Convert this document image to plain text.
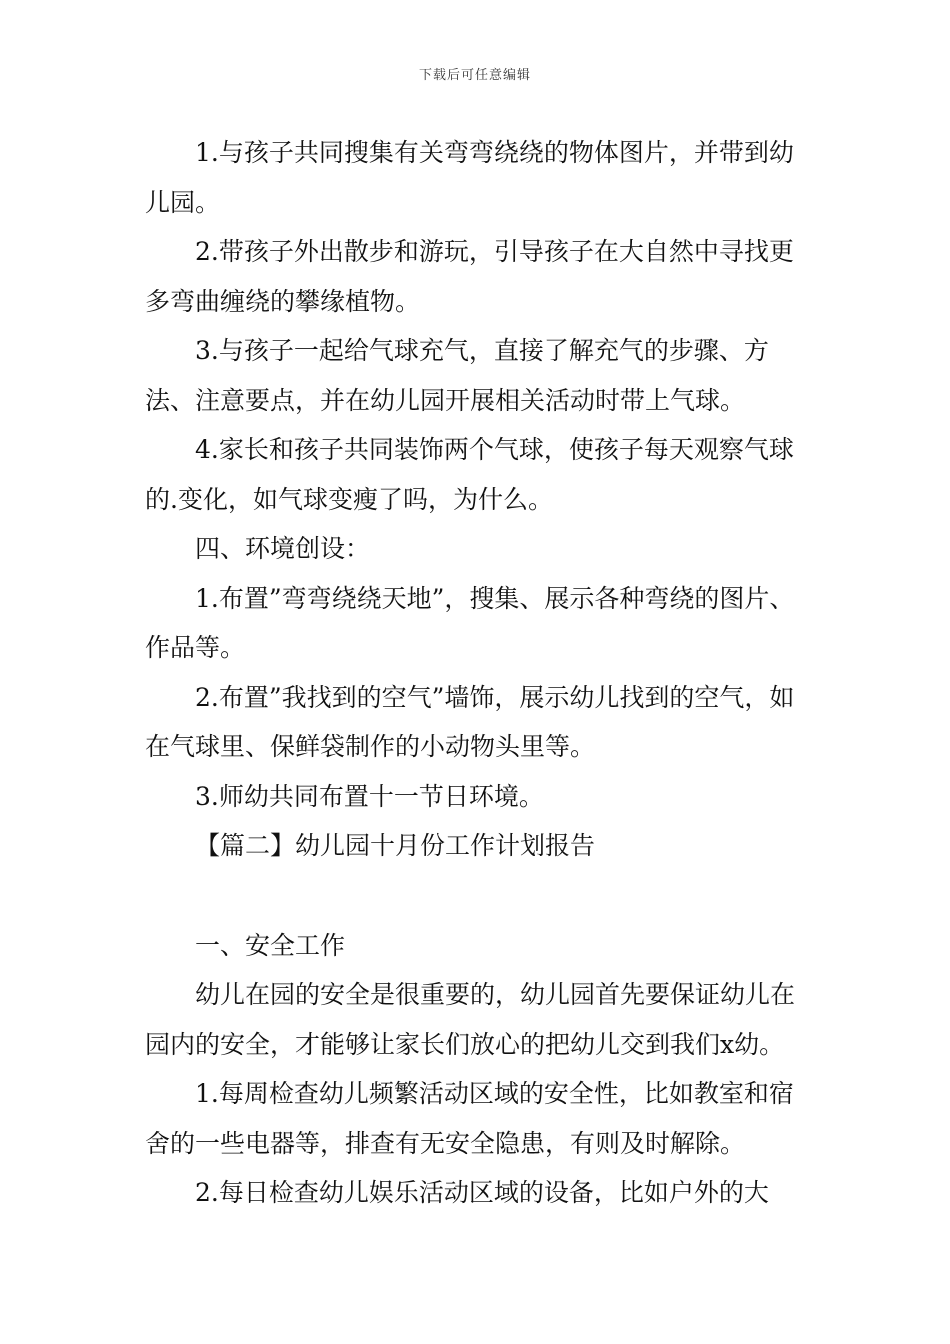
下载后可任意编辑

1.与孩子共同搜集有关弯弯绕绕的物体图片，并带到幼儿园。

2.带孩子外出散步和游玩，引导孩子在大自然中寻找更多弯曲缠绕的攀缘植物。

3.与孩子一起给气球充气，直接了解充气的步骤、方法、注意要点，并在幼儿园开展相关活动时带上气球。

4.家长和孩子共同装饰两个气球，使孩子每天观察气球的.变化，如气球变瘦了吗，为什么。

四、环境创设：

1.布置”弯弯绕绕天地”，搜集、展示各种弯绕的图片、作品等。

2.布置”我找到的空气”墙饰，展示幼儿找到的空气，如在气球里、保鲜袋制作的小动物头里等。

3.师幼共同布置十一节日环境。

【篇二】幼儿园十月份工作计划报告

一、安全工作

幼儿在园的安全是很重要的，幼儿园首先要保证幼儿在园内的安全，才能够让家长们放心的把幼儿交到我们x幼。

1.每周检查幼儿频繁活动区域的安全性，比如教室和宿舍的一些电器等，排查有无安全隐患，有则及时解除。

2.每日检查幼儿娱乐活动区域的设备，比如户外的大
